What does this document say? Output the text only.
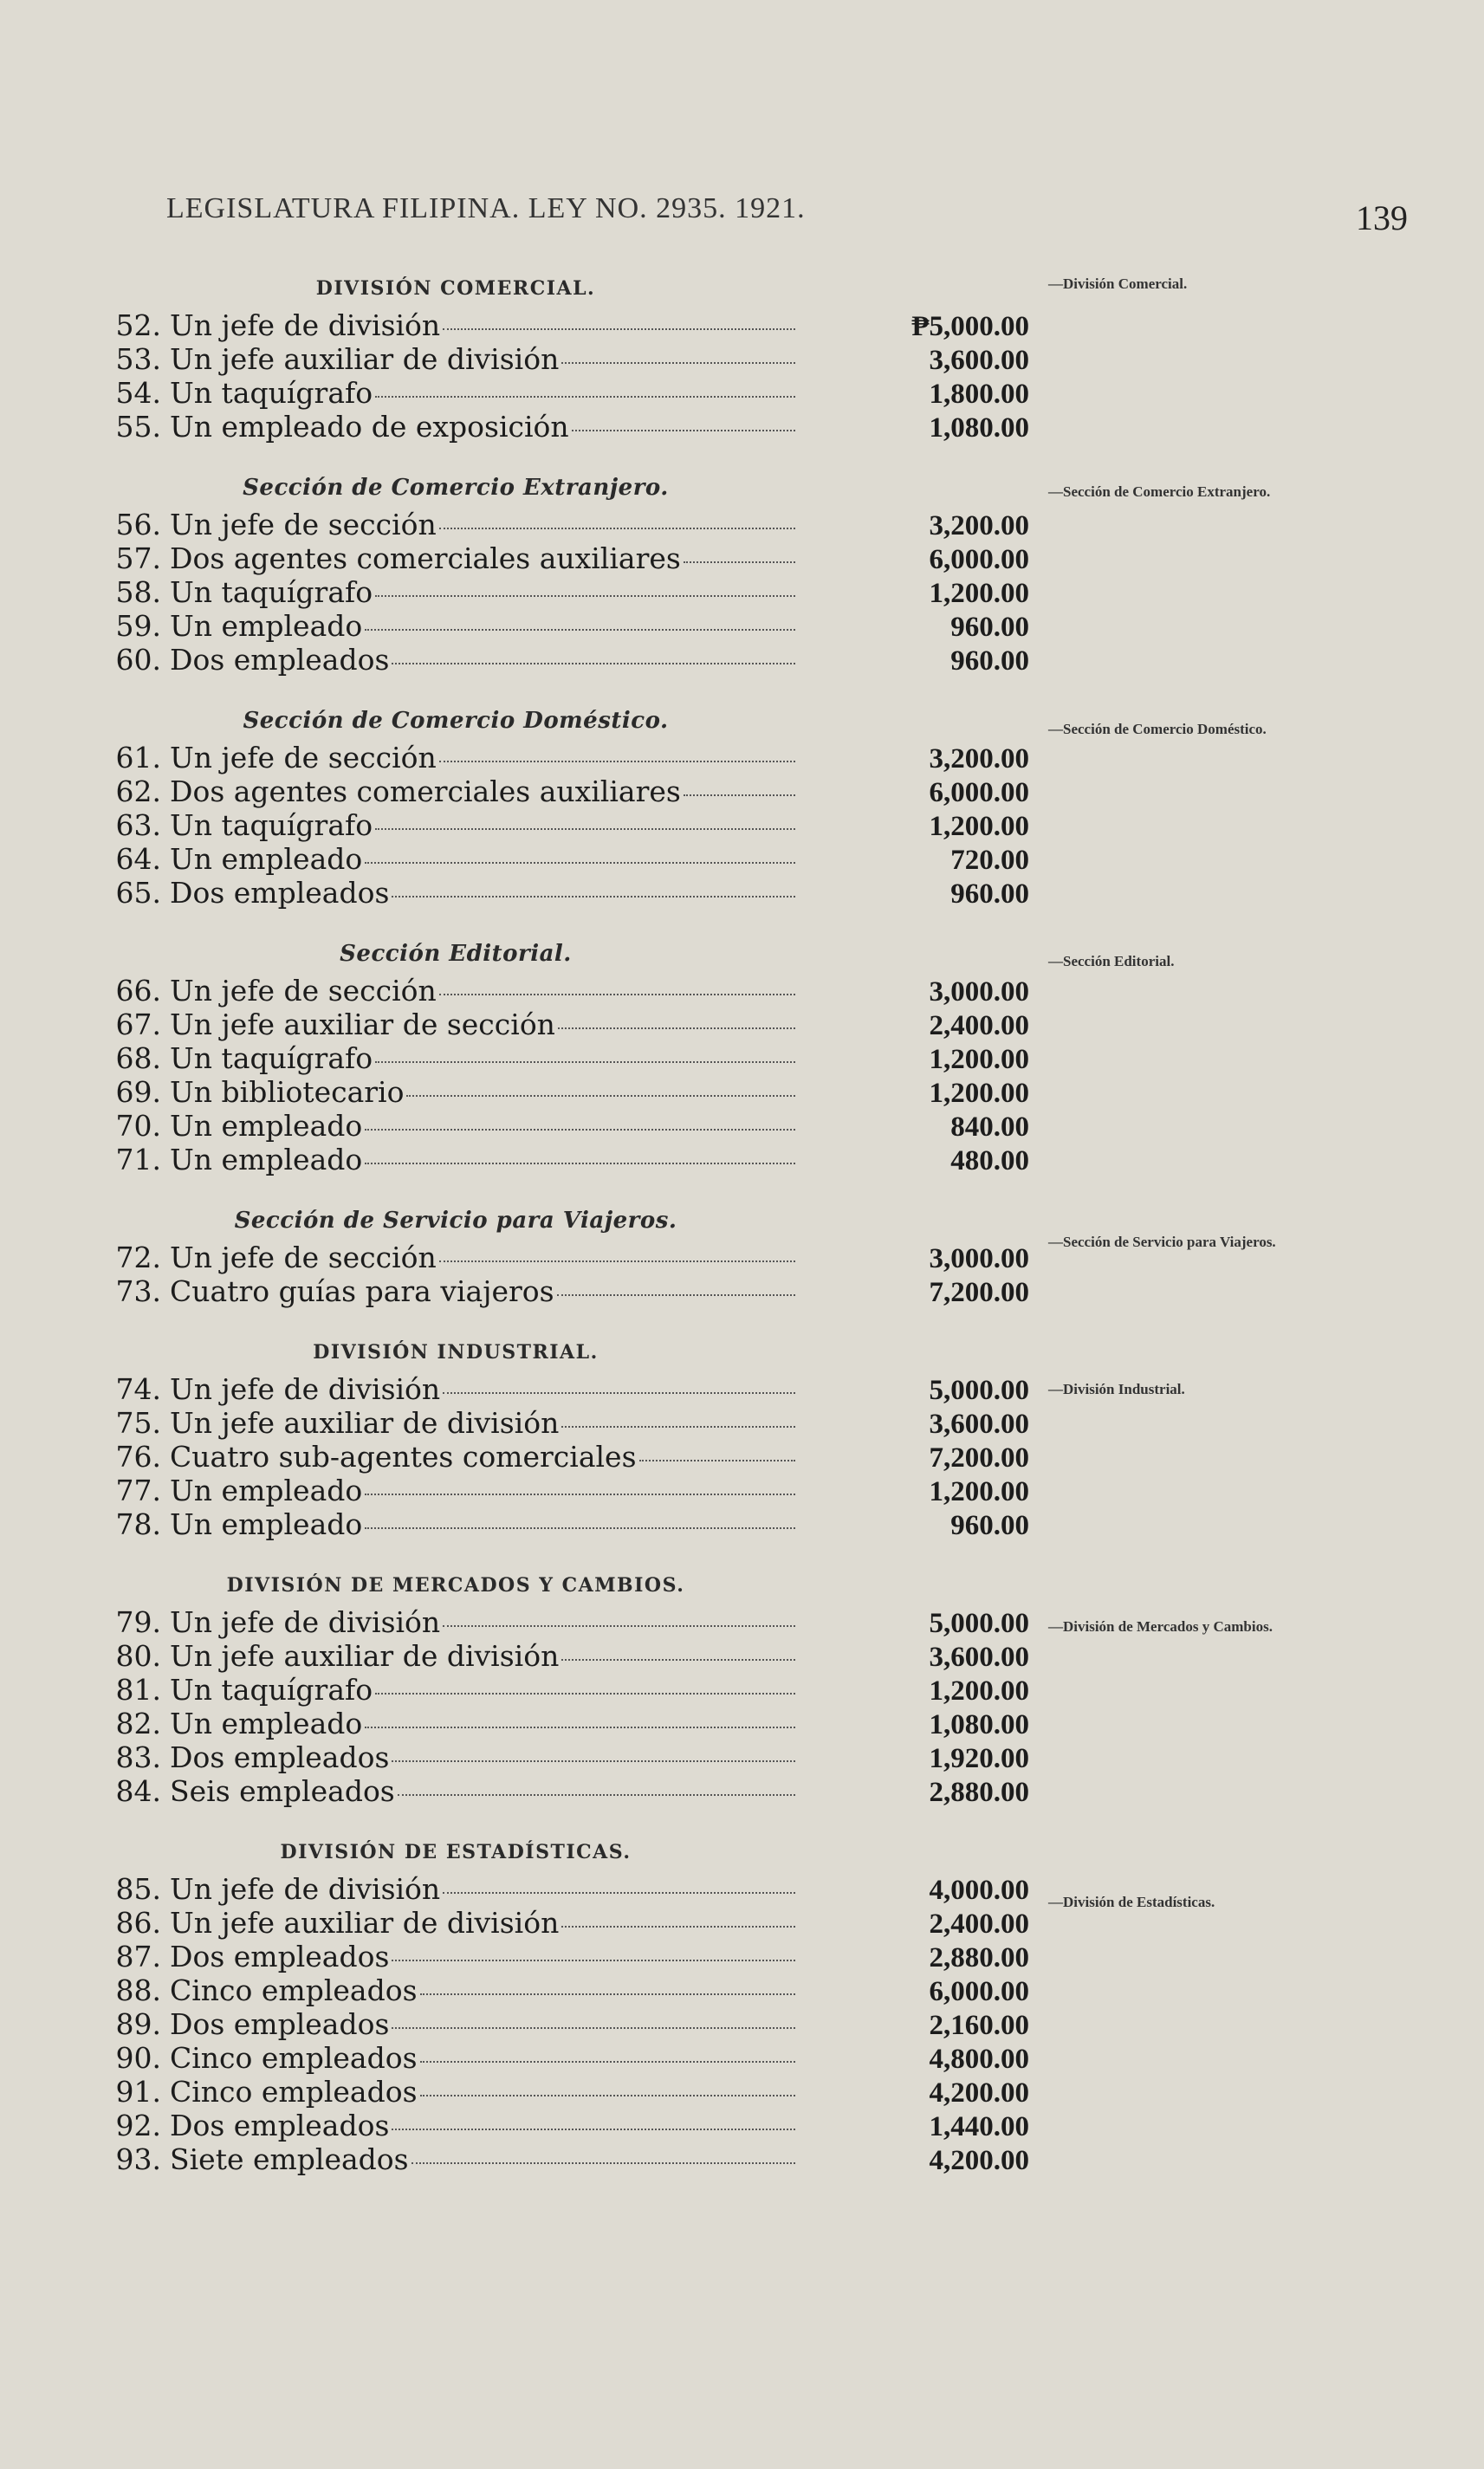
LEGISLATURA FILIPINA. LEY NO. 2935. 1921.	139
DIVISIÓN COMERCIAL.
52. Un jefe de división	₱5,000.00
53. Un jefe auxiliar de división	3,600.00
54. Un taquígrafo	1,800.00
55. Un empleado de exposición	1,080.00
Sección de Comercio Extranjero.
56. Un jefe de sección	3,200.00
57. Dos agentes comerciales auxiliares	6,000.00
58. Un taquígrafo	1,200.00
59. Un empleado	960.00
60. Dos empleados	960.00
Sección de Comercio Doméstico.
61. Un jefe de sección	3,200.00
62. Dos agentes comerciales auxiliares	6,000.00
63. Un taquígrafo	1,200.00
64. Un empleado	720.00
65. Dos empleados	960.00
Sección Editorial.
66. Un jefe de sección	3,000.00
67. Un jefe auxiliar de sección	2,400.00
68. Un taquígrafo	1,200.00
69. Un bibliotecario	1,200.00
70. Un empleado	840.00
71. Un empleado	480.00
Sección de Servicio para Viajeros.
72. Un jefe de sección	3,000.00
73. Cuatro guías para viajeros	7,200.00
DIVISIÓN INDUSTRIAL.
74. Un jefe de división	5,000.00
75. Un jefe auxiliar de división	3,600.00
76. Cuatro sub-agentes comerciales	7,200.00
77. Un empleado	1,200.00
78. Un empleado	960.00
DIVISIÓN DE MERCADOS Y CAMBIOS.
79. Un jefe de división	5,000.00
80. Un jefe auxiliar de división	3,600.00
81. Un taquígrafo	1,200.00
82. Un empleado	1,080.00
83. Dos empleados	1,920.00
84. Seis empleados	2,880.00
DIVISIÓN DE ESTADÍSTICAS.
85. Un jefe de división	4,000.00
86. Un jefe auxiliar de división	2,400.00
87. Dos empleados	2,880.00
88. Cinco empleados	6,000.00
89. Dos empleados	2,160.00
90. Cinco empleados	4,800.00
91. Cinco empleados	4,200.00
92. Dos empleados	1,440.00
93. Siete empleados	4,200.00
—División Comercial.
—Sección de Comercio Extranjero.
—Sección de Comercio Doméstico.
—Sección Editorial.
—Sección de Servicio para Viajeros.
—División Industrial.
—División de Mercados y Cambios.
—División de Estadísticas.
